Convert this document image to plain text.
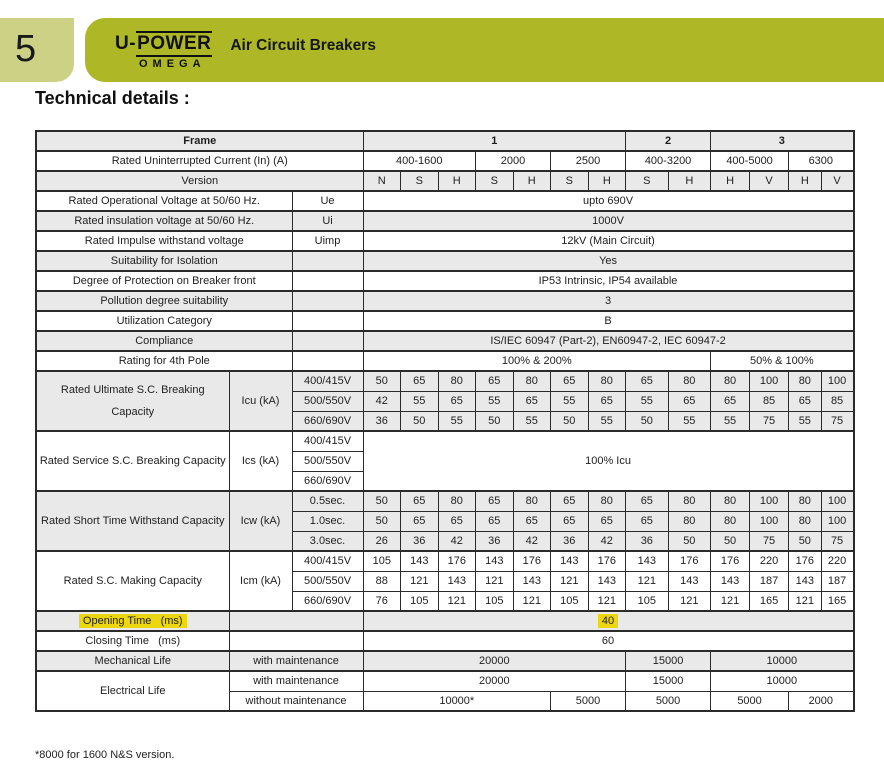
5	U-POWER
OMEGA
Air Circuit Breakers
Technical details :
Frame			1							2		3			
Rated Uninterrupted Current (In) (A)			400-1600			2000		2500		400-3200		400-5000		6300	
Version			N	S	H	S	H	S	H	S	H	H	V	H	V
Rated Operational Voltage at 50/60 Hz.		Ue	upto 690V												
Rated insulation voltage at 50/60 Hz.		Ui	1000V												
Rated Impulse withstand voltage		Uimp	12kV (Main Circuit)												
Suitability for Isolation			Yes												
Degree of Protection on Breaker front			IP53 Intrinsic, IP54 available												
Pollution degree suitability			3												
Utilization Category			B												
Compliance			IS/IEC 60947 (Part-2), EN60947-2, IEC 60947-2												
Rating for 4th Pole			100% & 200%									50% & 100%			
Rated Ultimate S.C. Breaking Capacity	Icu (kA)	400/415V	50	65	80	65	80	65	80	65	80	80	100	80	100
		500/550V	42	55	65	55	65	55	65	55	65	65	85	65	85
		660/690V	36	50	55	50	55	50	55	50	55	55	75	55	75
Rated Service S.C. Breaking Capacity	Ics (kA)	400/415V	100% Icu												
		500/550V													
		660/690V													
Rated Short Time Withstand Capacity	Icw (kA)	0.5sec.	50	65	80	65	80	65	80	65	80	80	100	80	100
		1.0sec.	50	65	65	65	65	65	65	65	80	80	100	80	100
		3.0sec.	26	36	42	36	42	36	42	36	50	50	75	50	75
Rated S.C. Making Capacity	Icm (kA)	400/415V	105	143	176	143	176	143	176	143	176	176	220	176	220
		500/550V	88	121	143	121	143	121	143	121	143	143	187	143	187
		660/690V	76	105	121	105	121	105	121	105	121	121	165	121	165
Opening Time   (ms)			40												
Closing Time   (ms)			60												
Mechanical Life	with maintenance		20000							15000		10000			
Electrical Life	with maintenance		20000							15000		10000			
	without maintenance		10000*					5000		5000		5000		2000	
*8000 for 1600 N&S version.
